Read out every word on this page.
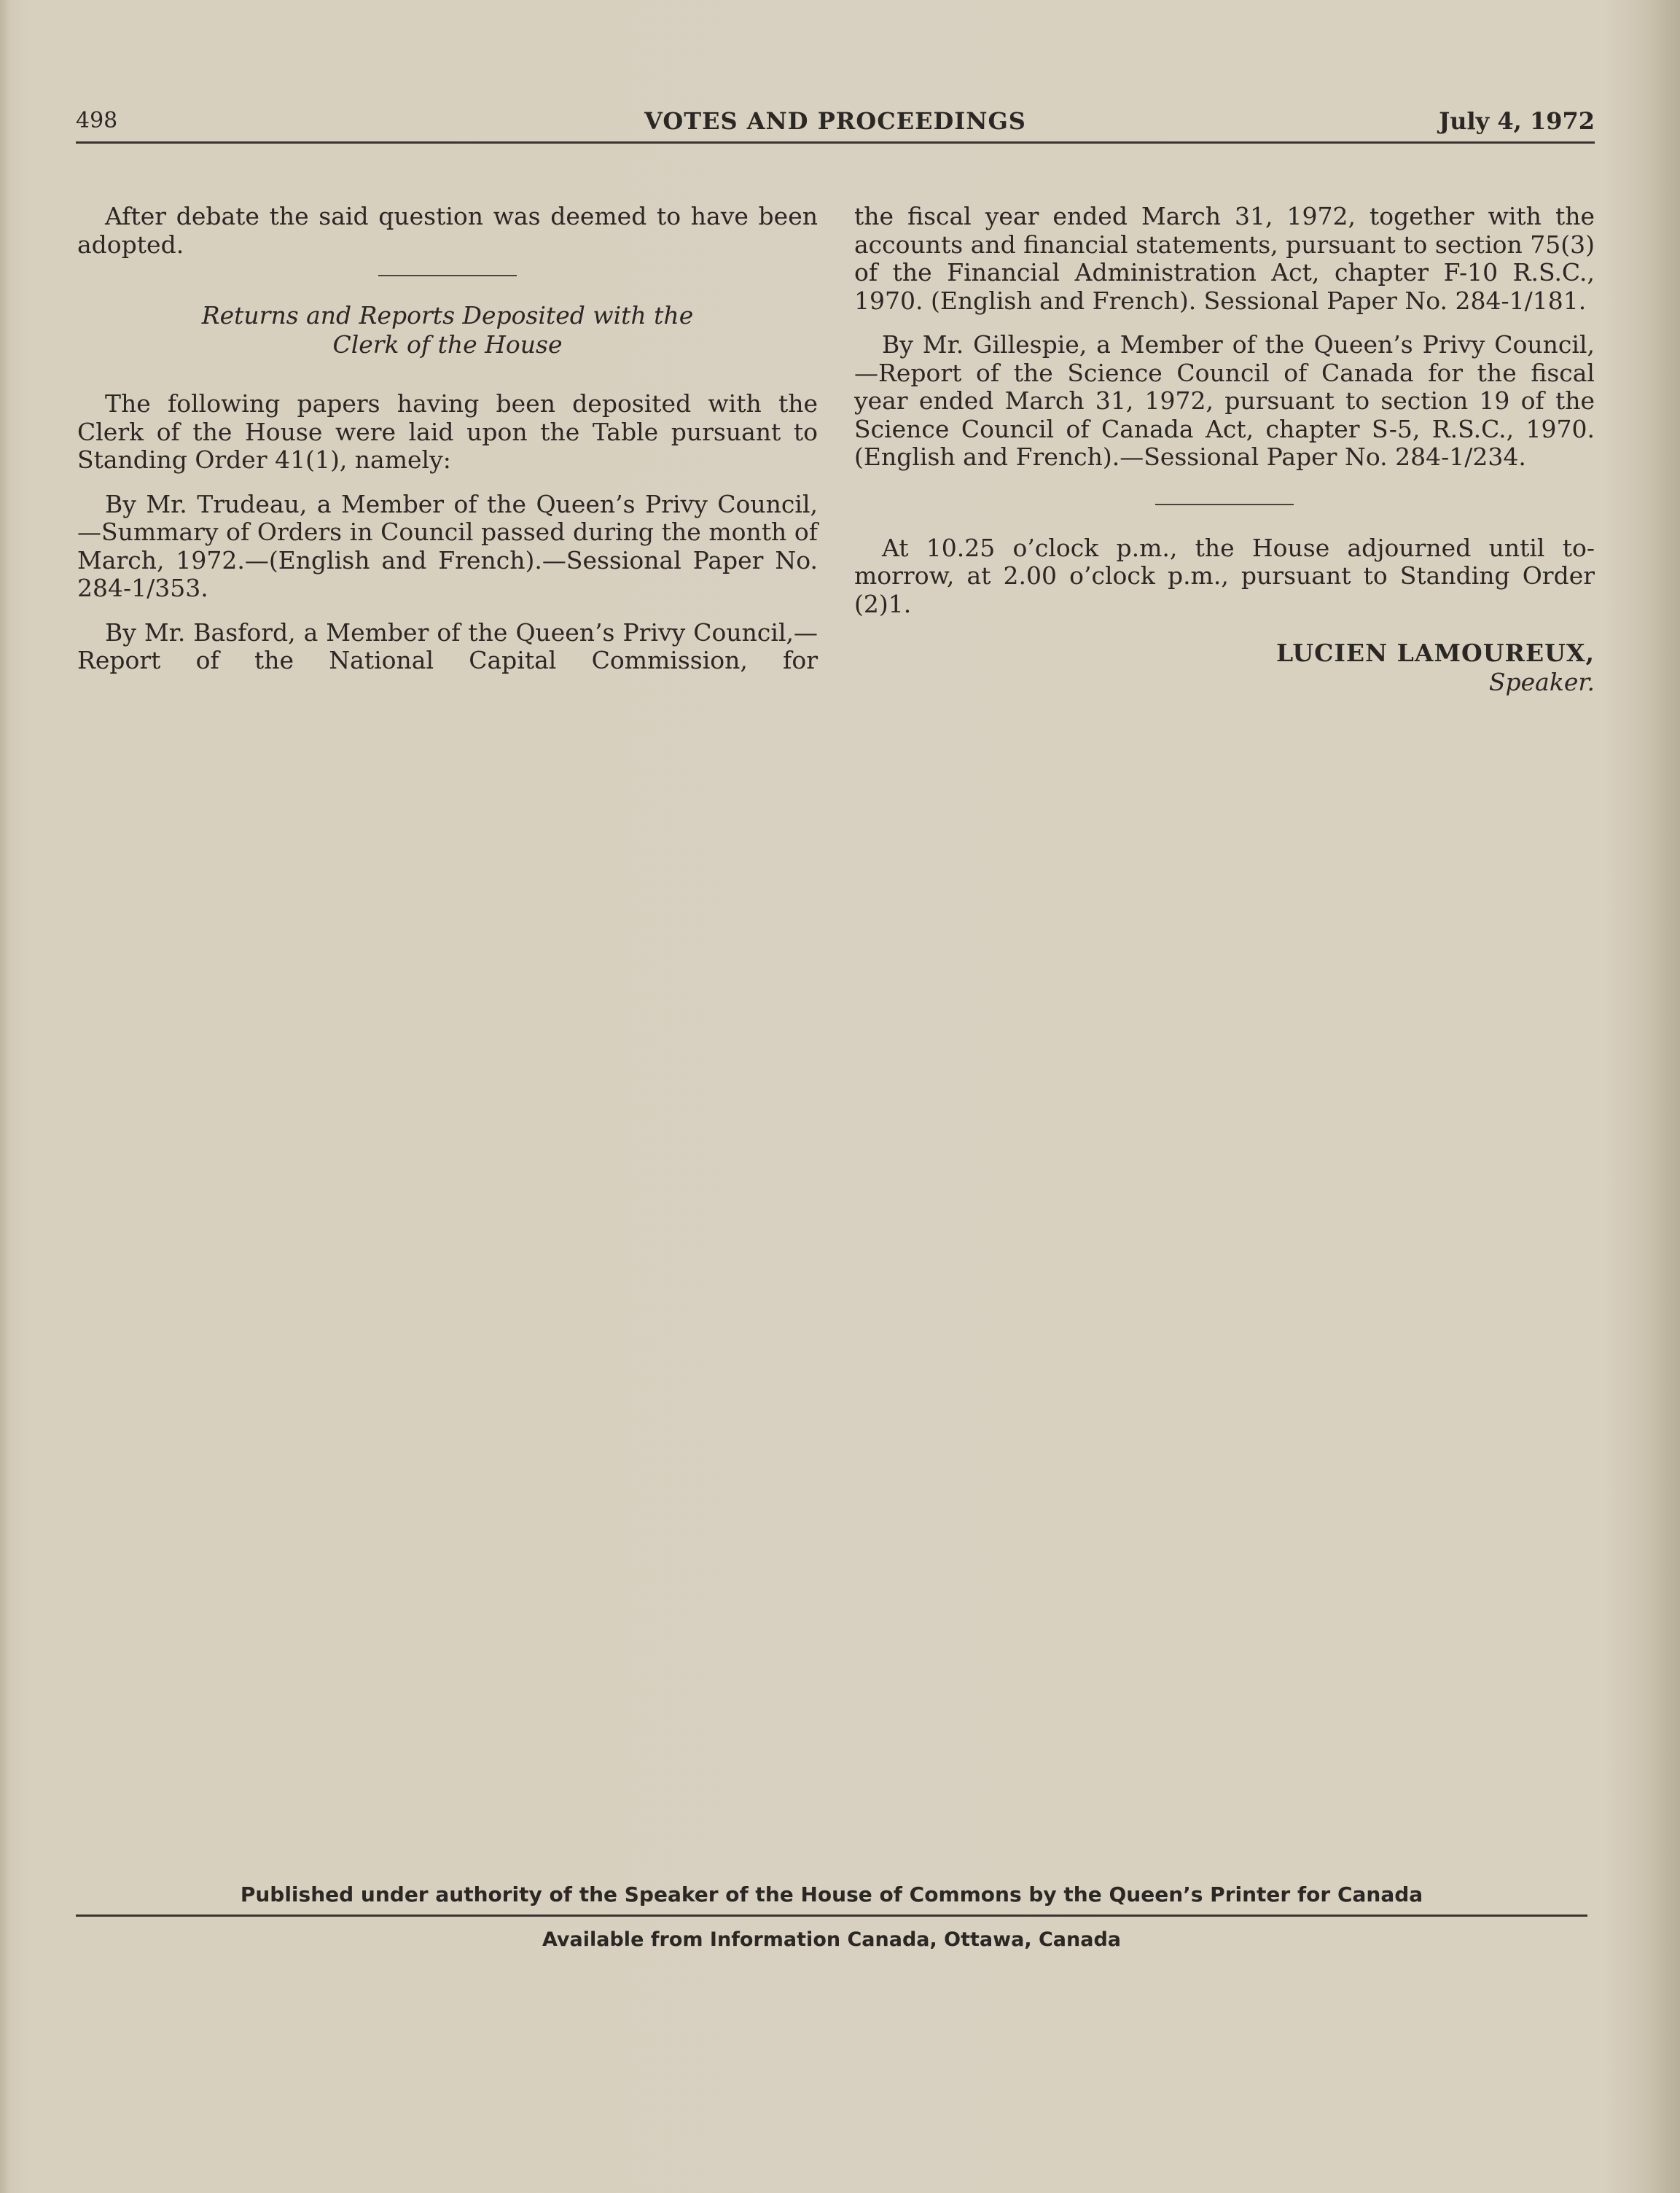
498	VOTES AND PROCEEDINGS	July 4, 1972

After debate the said question was deemed to have been adopted.

Returns and Reports Deposited with the
Clerk of the House

The following papers having been deposited with the Clerk of the House were laid upon the Table pursuant to Standing Order 41(1), namely:

By Mr. Trudeau, a Member of the Queen’s Privy Council,—Summary of Orders in Council passed during the month of March, 1972.—(English and French).—Sessional Paper No. 284-1/353.

By Mr. Basford, a Member of the Queen’s Privy Council,—Report of the National Capital Commission, for

the fiscal year ended March 31, 1972, together with the accounts and financial statements, pursuant to section 75(3) of the Financial Administration Act, chapter F-10 R.S.C., 1970. (English and French). Sessional Paper No. 284-1/181.

By Mr. Gillespie, a Member of the Queen’s Privy Council,—Report of the Science Council of Canada for the fiscal year ended March 31, 1972, pursuant to section 19 of the Science Council of Canada Act, chapter S-5, R.S.C., 1970. (English and French).—Sessional Paper No. 284-1/234.

At 10.25 o’clock p.m., the House adjourned until to-morrow, at 2.00 o’clock p.m., pursuant to Standing Order (2)1.

LUCIEN LAMOUREUX,
Speaker.
Published under authority of the Speaker of the House of Commons by the Queen’s Printer for Canada
Available from Information Canada, Ottawa, Canada
